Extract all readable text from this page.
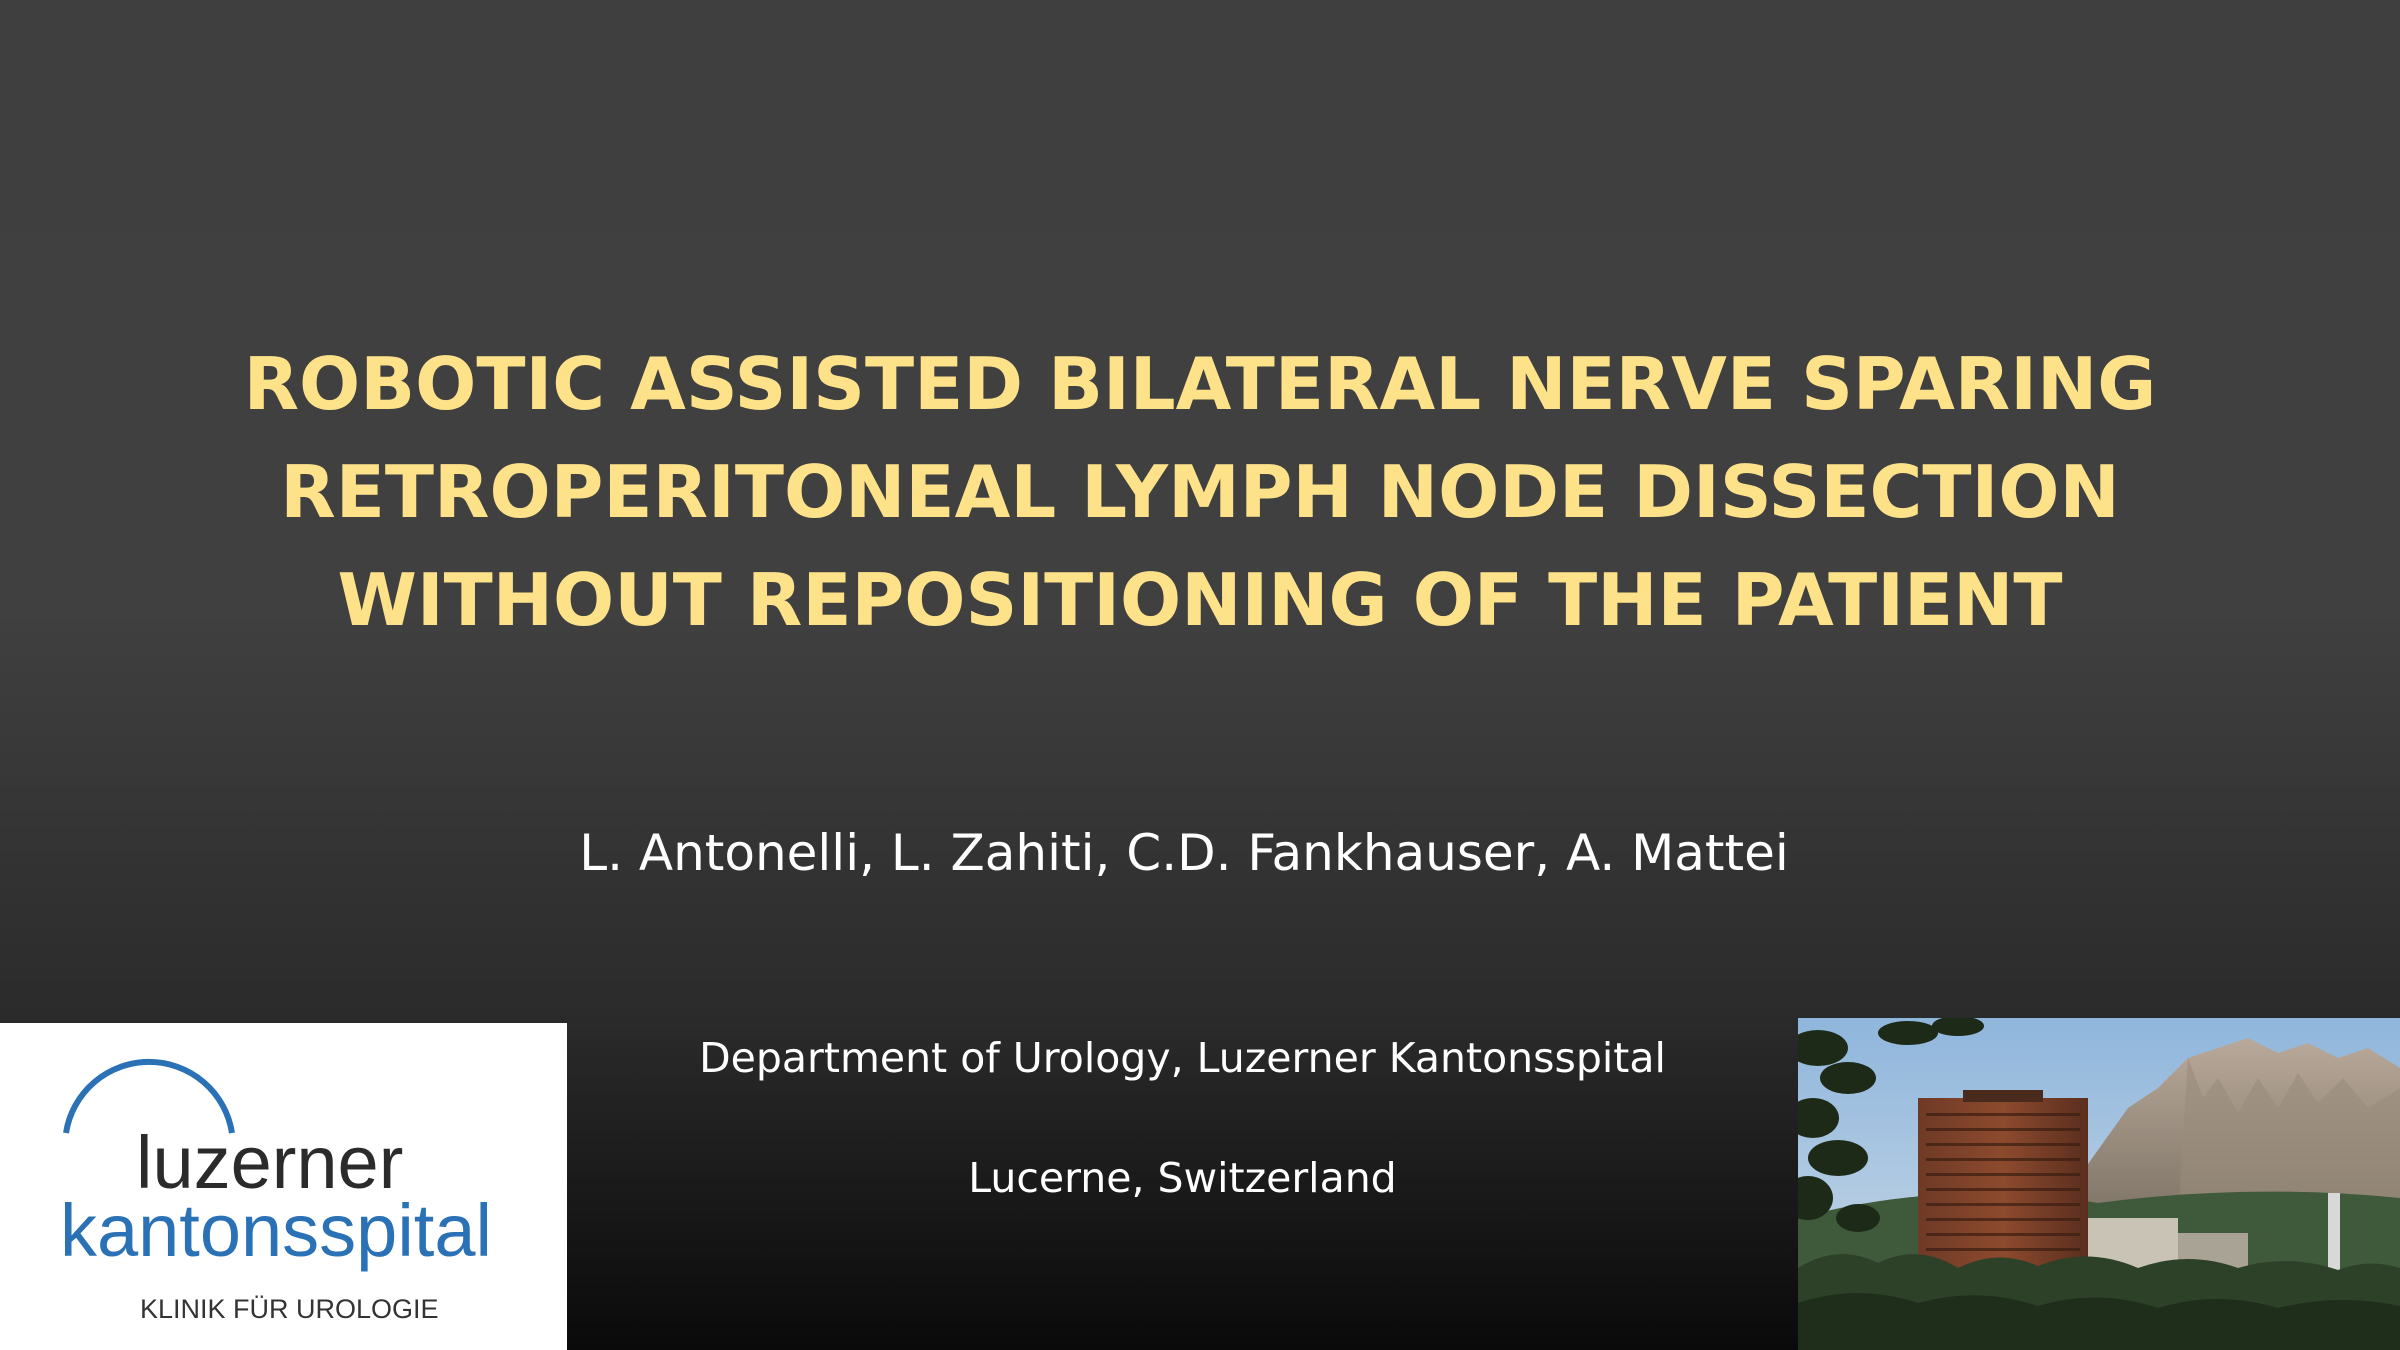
ROBOTIC ASSISTED BILATERAL NERVE SPARING
RETROPERITONEAL LYMPH NODE DISSECTION
WITHOUT REPOSITIONING OF THE PATIENT
L. Antonelli, L. Zahiti, C.D. Fankhauser, A. Mattei
Department of Urology, Luzerner Kantonsspital
Lucerne, Switzerland
luzerner
kantonsspital
KLINIK FÜR UROLOGIE
